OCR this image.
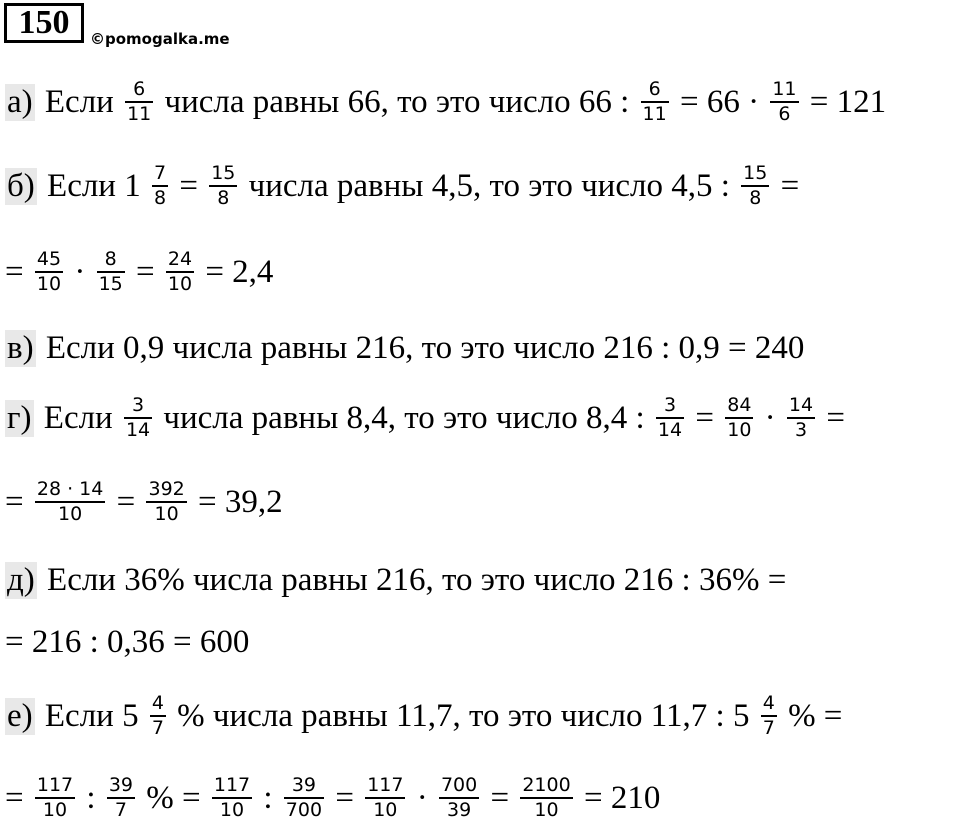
150	©pomogalka.me
а) Если $\frac{6}{11}$ числа равны 66, то это число 66 : $\frac{6}{11} = 66 \cdot \frac{11}{6} = 121$
б) Если $1 \frac{7}{8} = \frac{15}{8}$ числа равны 4,5, то это число 4,5 : $\frac{15}{8}$ =
= $\frac{45}{10} \cdot \frac{8}{15} = \frac{24}{10} = 2,4$
в) Если 0,9 числа равны 216, то это число 216 : 0,9 = 240
г) Если $\frac{3}{14}$ числа равны 8,4, то это число 8,4 : $\frac{3}{14} = \frac{84}{10} \cdot \frac{14}{3}$ =
= $\frac{28 \cdot 14}{10} = \frac{392}{10} = 39,2$
д) Если 36% числа равны 216, то это число 216 : 36% =
= 216 : 0,36 = 600
е) Если $5 \frac{4}{7}$ % числа равны 11,7, то это число 11,7 : $5 \frac{4}{7}$ % =
= $\frac{117}{10}$ : $\frac{39}{7}$ % = $\frac{117}{10}$ : $\frac{39}{700} = \frac{117}{10} \cdot \frac{700}{39} = \frac{2100}{10} = 210$
